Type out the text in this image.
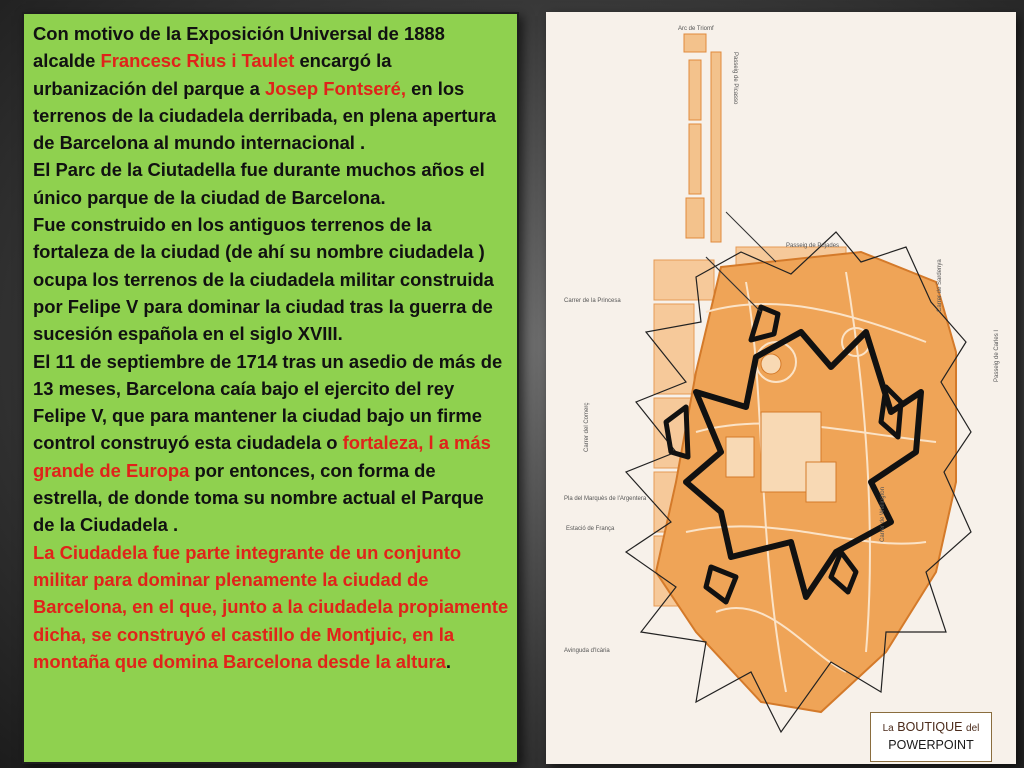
Con motivo de la Exposición Universal de 1888 alcalde Francesc Rius i Taulet encargó la urbanización del parque a Josep Fontseré, en los terrenos de la ciudadela derribada, en plena apertura de Barcelona al mundo internacional .

El Parc de la Ciutadella fue durante muchos años el único parque de la ciudad de Barcelona.

Fue construido en los antiguos terrenos de la fortaleza de la ciudad (de ahí su nombre ciudadela ) ocupa los terrenos de la ciudadela militar construida por Felipe V para dominar la ciudad tras la guerra de sucesión española en el siglo XVIII.

El 11 de septiembre de 1714 tras un asedio de más de 13 meses, Barcelona caía bajo el ejercito del rey Felipe V, que para mantener la ciudad bajo un firme control construyó esta ciudadela o fortaleza, l a más grande de Europa por entonces, con forma de estrella, de donde toma su nombre actual el Parque de la Ciudadela .

La Ciudadela fue parte integrante de un conjunto militar para dominar plenamente la ciudad de Barcelona, en el que, junto a la ciudadela propiamente dicha, se construyó el castillo de Montjuic, en la montaña que domina Barcelona desde la altura.

Arc de Triomf
Passeig de Picasso
Passeig de Pujades
Carrer de la Princesa
Carrer del Comerç
Carrer de Sardenya
Pla del Marquès de l'Argentera
Estació de França
Avinguda d'Icària
Carrer de Wellington
Passeig de Carles I
La BOUTIQUE del
POWERPOINT
